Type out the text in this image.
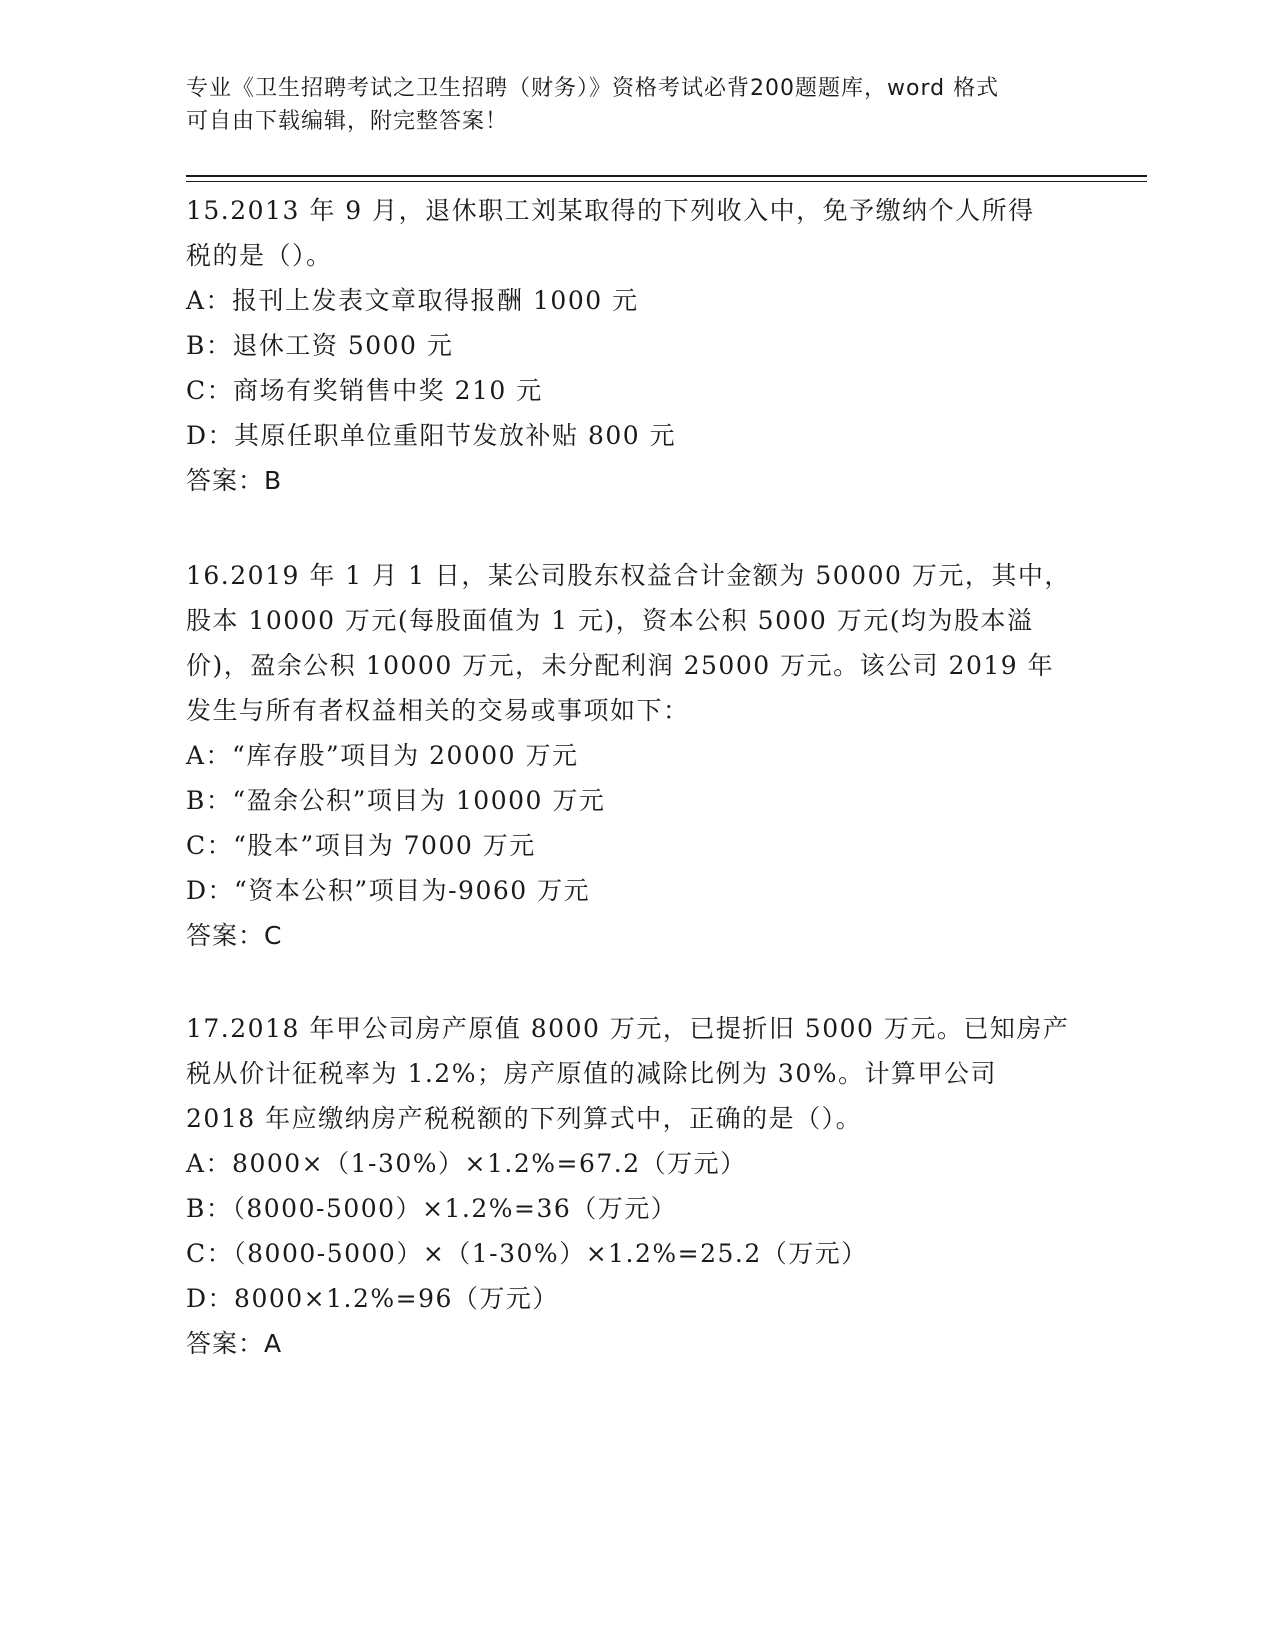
专业《卫生招聘考试之卫生招聘（财务）》资格考试必背200题题库，word 格式
可自由下载编辑，附完整答案！
15.2013 年 9 月，退休职工刘某取得的下列收入中，免予缴纳个人所得
税的是（）。
A：报刊上发表文章取得报酬 1000 元
B：退休工资 5000 元
C：商场有奖销售中奖 210 元
D：其原任职单位重阳节发放补贴 800 元
答案：B
16.2019 年 1 月 1 日，某公司股东权益合计金额为 50000 万元，其中，
股本 10000 万元(每股面值为 1 元)，资本公积 5000 万元(均为股本溢
价)，盈余公积 10000 万元，未分配利润 25000 万元。该公司 2019 年
发生与所有者权益相关的交易或事项如下：
A：“库存股”项目为 20000 万元
B：“盈余公积”项目为 10000 万元
C：“股本”项目为 7000 万元
D：“资本公积”项目为-9060 万元
答案：C
17.2018 年甲公司房产原值 8000 万元，已提折旧 5000 万元。已知房产
税从价计征税率为 1.2%；房产原值的减除比例为 30%。计算甲公司
2018 年应缴纳房产税税额的下列算式中，正确的是（）。
A：8000×（1-30%）×1.2%=67.2（万元）
B：（8000-5000）×1.2%=36（万元）
C：（8000-5000）×（1-30%）×1.2%=25.2（万元）
D：8000×1.2%=96（万元）
答案：A
